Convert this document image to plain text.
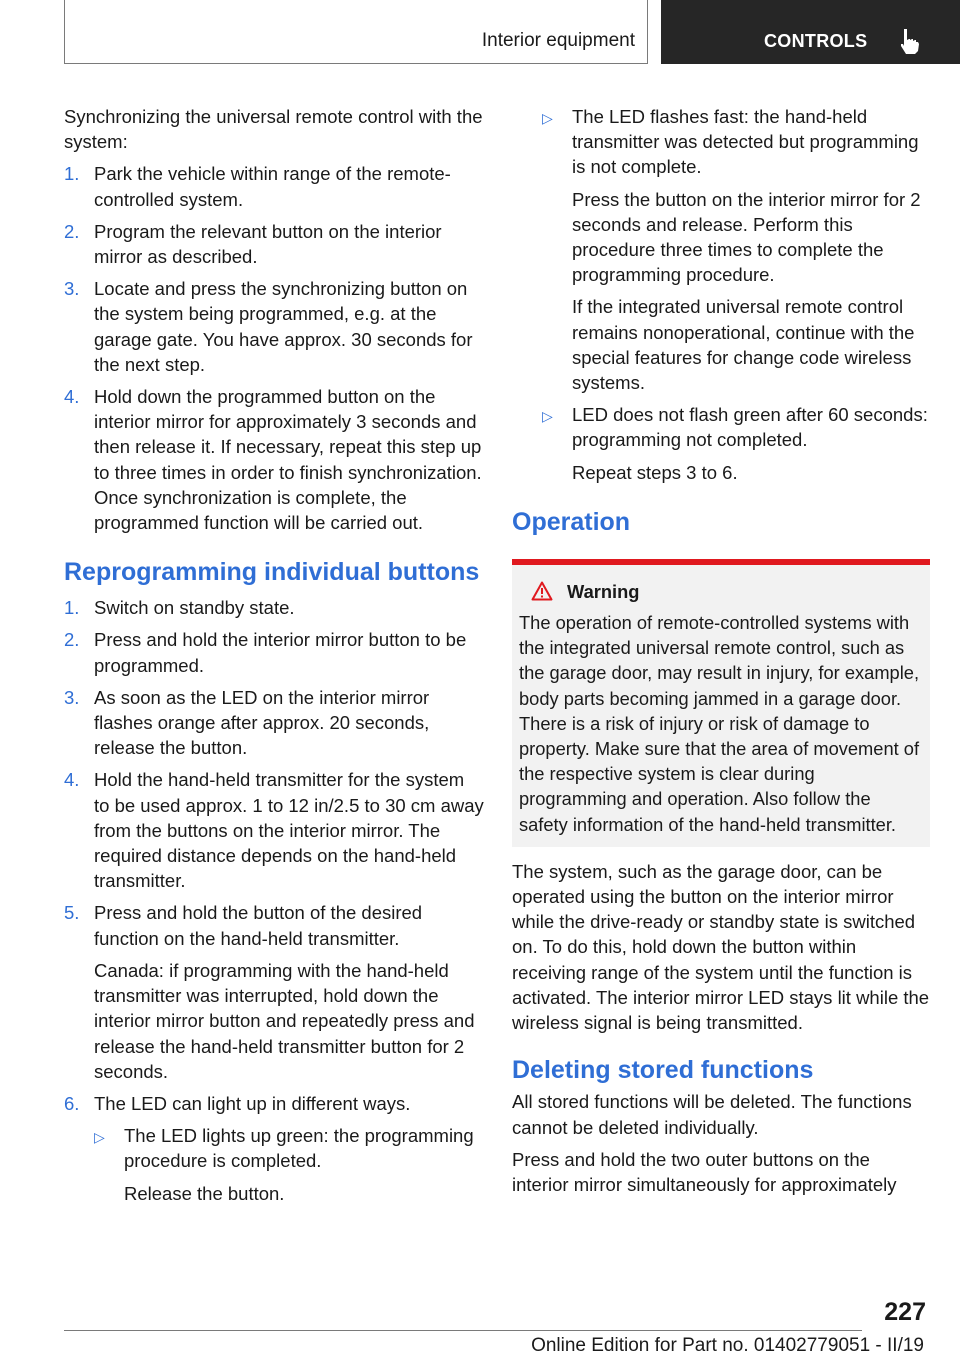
Interior equipment	CONTROLS

Synchronizing the universal remote control with the system:

1. Park the vehicle within range of the remote-controlled system.
2. Program the relevant button on the interior mirror as described.
3. Locate and press the synchronizing button on the system being programmed, e.g. at the garage gate. You have approx. 30 seconds for the next step.
4. Hold down the programmed button on the interior mirror for approximately 3 seconds and then release it. If necessary, repeat this step up to three times in order to finish synchronization. Once synchronization is complete, the programmed function will be carried out.
Reprogramming individual buttons
1. Switch on standby state.
2. Press and hold the interior mirror button to be programmed.
3. As soon as the LED on the interior mirror flashes orange after approx. 20 seconds, release the button.
4. Hold the hand-held transmitter for the system to be used approx. 1 to 12 in/2.5 to 30 cm away from the buttons on the interior mirror. The required distance depends on the hand-held transmitter.
5. Press and hold the button of the desired function on the hand-held transmitter.
Canada: if programming with the hand-held transmitter was interrupted, hold down the interior mirror button and repeatedly press and release the hand-held transmitter button for 2 seconds.
6. The LED can light up in different ways.
▷ The LED lights up green: the programming procedure is completed.
Release the button.
▷ The LED flashes fast: the hand-held transmitter was detected but programming is not complete.
Press the button on the interior mirror for 2 seconds and release. Perform this procedure three times to complete the programming procedure.
If the integrated universal remote control remains nonoperational, continue with the special features for change code wireless systems.
▷ LED does not flash green after 60 seconds: programming not completed.
Repeat steps 3 to 6.
Operation
Warning

The operation of remote-controlled systems with the integrated universal remote control, such as the garage door, may result in injury, for example, body parts becoming jammed in a garage door. There is a risk of injury or risk of damage to property. Make sure that the area of movement of the respective system is clear during programming and operation. Also follow the safety information of the hand-held transmitter.

The system, such as the garage door, can be operated using the button on the interior mirror while the drive-ready or standby state is switched on. To do this, hold down the button within receiving range of the system until the function is activated. The interior mirror LED stays lit while the wireless signal is being transmitted.

Deleting stored functions

All stored functions will be deleted. The functions cannot be deleted individually.

Press and hold the two outer buttons on the interior mirror simultaneously for approximately

227
Online Edition for Part no. 01402779051 - II/19
